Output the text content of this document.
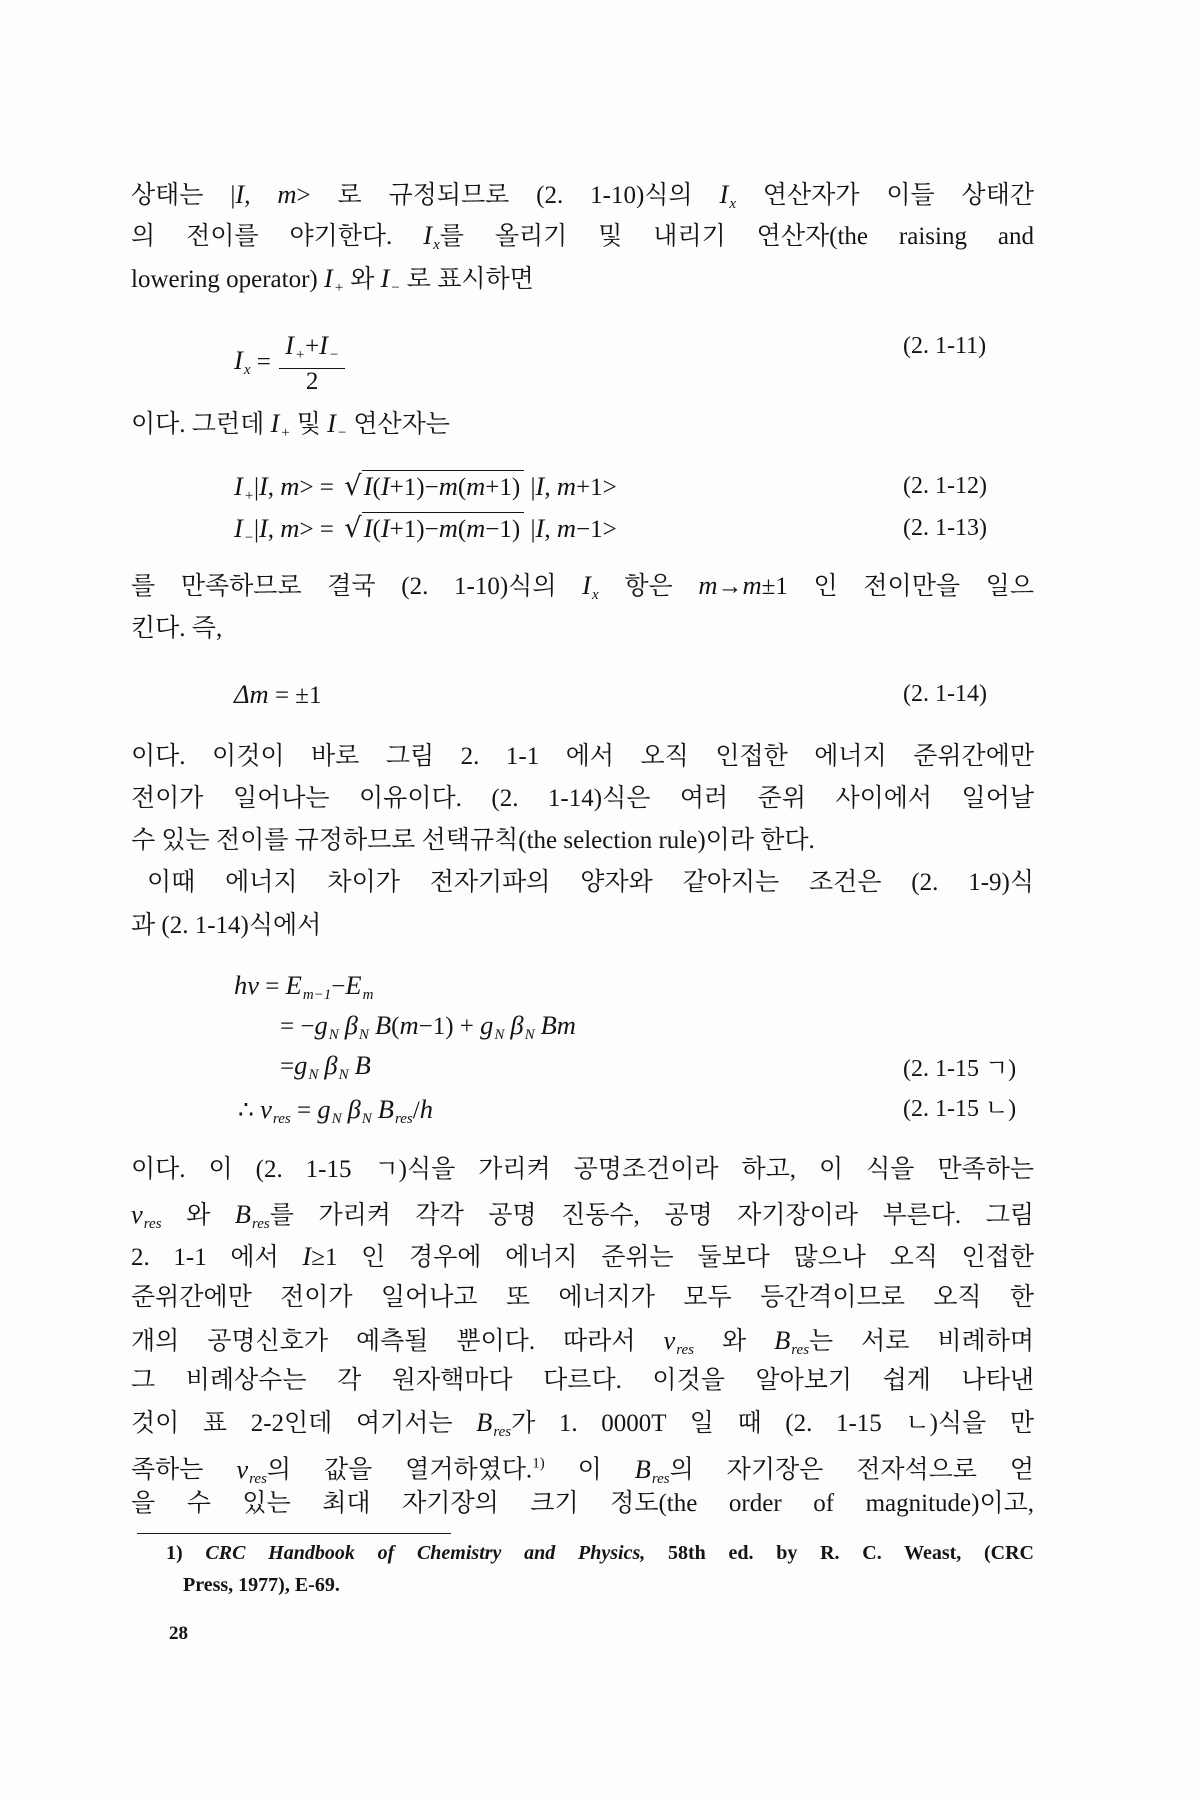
상태는 |I, m> 로 규정되므로 (2. 1-10)식의 $I_x$ 연산자가 이들 상태간
의 전이를 야기한다. $I_x$를 올리기 및 내리기 연산자(the raising and
lowering operator) $I_+$ 와 $I_-$ 로 표시하면
$I_x = \frac{I_++I_-}{2}$	(2. 1-11)
이다. 그런데 $I_+$ 및 $I_-$ 연산자는
$I_+|I$, m> = √I(I+1)−m(m+1) |I, m+1>	(2. 1-12)
$I_-|I$, m> = √I(I+1)−m(m−1) |I, m−1>	(2. 1-13)
를 만족하므로 결국 (2. 1-10)식의 $I_x$ 항은 m→m±1 인 전이만을 일으
킨다. 즉,
Δm = ±1	(2. 1-14)
이다. 이것이 바로 그림 2. 1-1 에서 오직 인접한 에너지 준위간에만
전이가 일어나는 이유이다. (2. 1-14)식은 여러 준위 사이에서 일어날
수 있는 전이를 규정하므로 선택규칙(the selection rule)이라 한다.
이때 에너지 차이가 전자기파의 양자와 같아지는 조건은 (2. 1-9)식
과 (2. 1-14)식에서
$h\nu = E_{m-1}-E_m$
= $-g_N$ $\beta_N$ $B(m-1) + g_N$ $\beta_N$ Bm
$=g_N$ $\beta_N$ B	(2. 1-15 ㄱ)
∴ $\nu_{res} = g_N$ $\beta_N$ $B_{res}/h$	(2. 1-15 ㄴ)
이다. 이 (2. 1-15 ㄱ)식을 가리켜 공명조건이라 하고, 이 식을 만족하는
$\nu_{res}$ 와 $B_{res}$를 가리켜 각각 공명 진동수, 공명 자기장이라 부른다. 그림
2. 1-1 에서 I≥1 인 경우에 에너지 준위는 둘보다 많으나 오직 인접한
준위간에만 전이가 일어나고 또 에너지가 모두 등간격이므로 오직 한
개의 공명신호가 예측될 뿐이다. 따라서 $\nu_{res}$ 와 $B_{res}$는 서로 비례하며
그 비례상수는 각 원자핵마다 다르다. 이것을 알아보기 쉽게 나타낸
것이 표 2-2인데 여기서는 $B_{res}$가 1. 0000T 일 때 (2. 1-15 ㄴ)식을 만
족하는 $\nu_{res}$의 값을 열거하였다.$^{1)}$ 이 $B_{res}$의 자기장은 전자석으로 얻
을 수 있는 최대 자기장의 크기 정도(the order of magnitude)이고,
1) CRC Handbook of Chemistry and Physics, 58th ed. by R. C. Weast, (CRC
Press, 1977), E-69.
28
